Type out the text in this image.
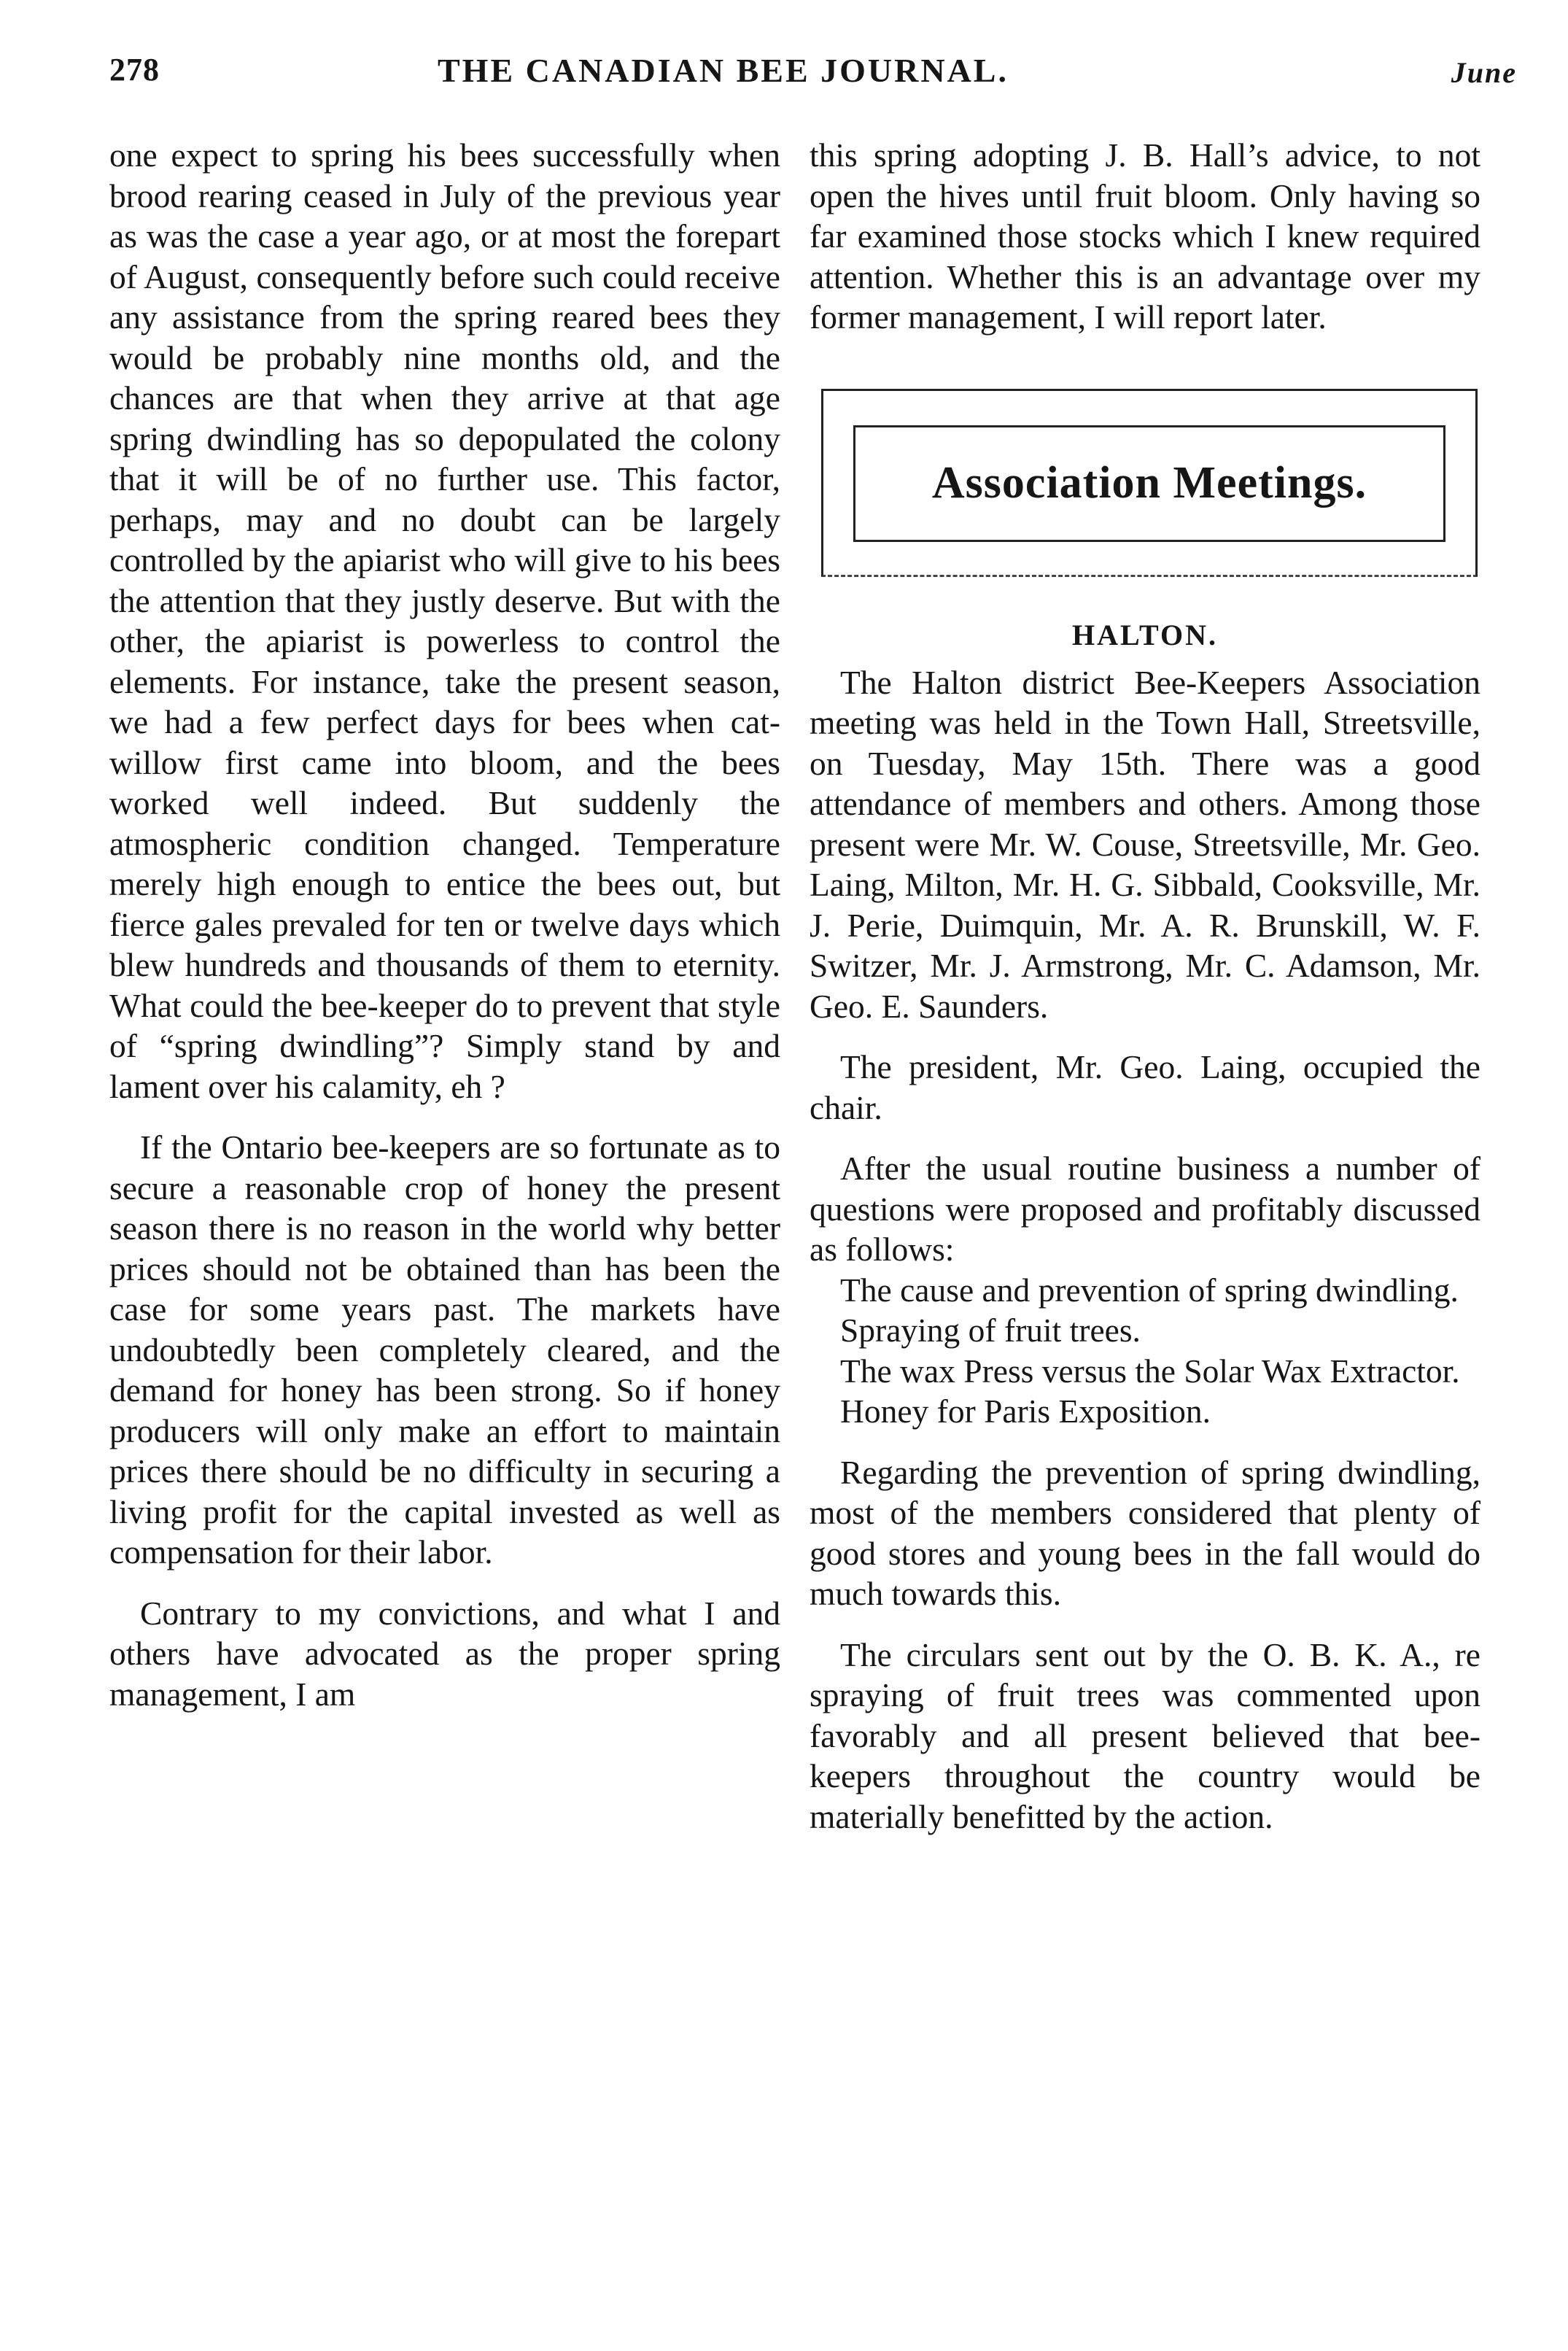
278	THE CANADIAN BEE JOURNAL.	June

one expect to spring his bees successfully when brood rearing ceased in July of the previous year as was the case a year ago, or at most the forepart of August, consequently before such could receive any assistance from the spring reared bees they would be probably nine months old, and the chances are that when they arrive at that age spring dwindling has so depopulated the colony that it will be of no further use. This factor, perhaps, may and no doubt can be largely controlled by the apiarist who will give to his bees the attention that they justly deserve. But with the other, the apiarist is powerless to control the elements. For instance, take the present season, we had a few perfect days for bees when cat-willow first came into bloom, and the bees worked well indeed. But suddenly the atmospheric condition changed. Temperature merely high enough to entice the bees out, but fierce gales prevaled for ten or twelve days which blew hundreds and thousands of them to eternity. What could the bee-keeper do to prevent that style of “spring dwindling”? Simply stand by and lament over his calamity, eh ?

If the Ontario bee-keepers are so fortunate as to secure a reasonable crop of honey the present season there is no reason in the world why better prices should not be obtained than has been the case for some years past. The markets have undoubtedly been completely cleared, and the demand for honey has been strong. So if honey producers will only make an effort to maintain prices there should be no difficulty in securing a living profit for the capital invested as well as compensation for their labor.

Contrary to my convictions, and what I and others have advocated as the proper spring management, I am

this spring adopting J. B. Hall’s advice, to not open the hives until fruit bloom. Only having so far examined those stocks which I knew required attention. Whether this is an advantage over my former management, I will report later.

Association Meetings.
HALTON.

The Halton district Bee-Keepers Association meeting was held in the Town Hall, Streetsville, on Tuesday, May 15th. There was a good attendance of members and others. Among those present were Mr. W. Couse, Streetsville, Mr. Geo. Laing, Milton, Mr. H. G. Sibbald, Cooksville, Mr. J. Perie, Duimquin, Mr. A. R. Brunskill, W. F. Switzer, Mr. J. Armstrong, Mr. C. Adamson, Mr. Geo. E. Saunders.

The president, Mr. Geo. Laing, occupied the chair.

After the usual routine business a number of questions were proposed and profitably discussed as follows:

The cause and prevention of spring dwindling.

Spraying of fruit trees.

The wax Press versus the Solar Wax Extractor.

Honey for Paris Exposition.

Regarding the prevention of spring dwindling, most of the members considered that plenty of good stores and young bees in the fall would do much towards this.

The circulars sent out by the O. B. K. A., re spraying of fruit trees was commented upon favorably and all present believed that bee-keepers throughout the country would be materially benefitted by the action.
